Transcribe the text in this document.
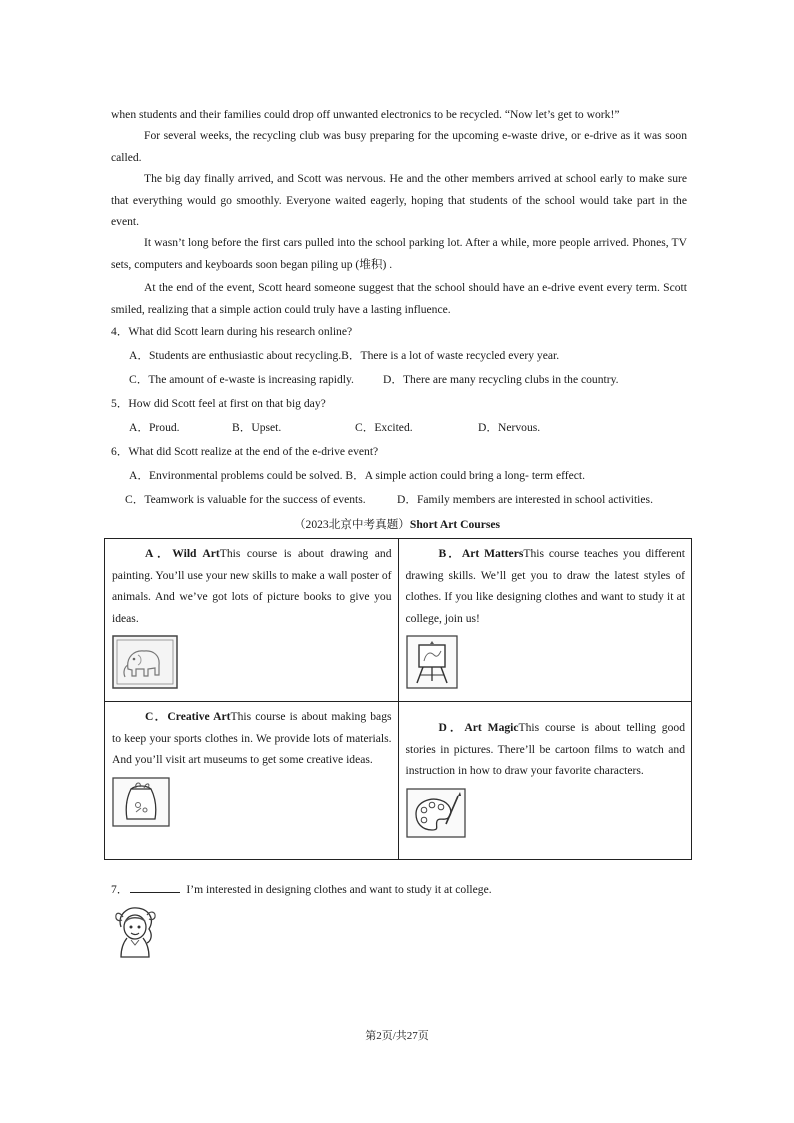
when students and their families could drop off unwanted electronics to be recycled. “Now let’s get to work!”

For several weeks, the recycling club was busy preparing for the upcoming e-waste drive, or e-drive as it was soon called.

The big day finally arrived, and Scott was nervous. He and the other members arrived at school early to make sure that everything would go smoothly. Everyone waited eagerly, hoping that students of the school would take part in the event.

It wasn’t long before the first cars pulled into the school parking lot. After a while, more people arrived. Phones, TV sets, computers and keyboards soon began piling up (堆积) .

At the end of the event, Scott heard someone suggest that the school should have an e-drive event every term. Scott smiled, realizing that a simple action could truly have a lasting influence.

4．What did Scott learn during his research online?

A．Students are enthusiastic about recycling.B．There is a lot of waste recycled every year.

C．The amount of e-waste is increasing rapidly.	D．There are many recycling clubs in the country.

5．How did Scott feel at first on that big day?

A．Proud.	B．Upset.	C．Excited.	D．Nervous.

6．What did Scott realize at the end of the e-drive event?

A．Environmental problems could be solved. B．A simple action could bring a long- term effect.

C．Teamwork is valuable for the success of events.	D．Family members are interested in school activities.

（2023北京中考真题）Short Art Courses

A．Wild ArtThis course is about drawing and painting. You’ll use your new skills to make a wall poster of animals. And we’ve got lots of picture books to give you ideas.	B．Art MattersThis course teaches you different drawing skills. We’ll get you to draw the latest styles of clothes. If you like designing clothes and want to study it at college, join us!

C．Creative ArtThis course is about making bags to keep your sports clothes in. We provide lots of materials. And you’ll visit art museums to get some creative ideas.	D．Art MagicThis course is about telling good stories in pictures. There’ll be cartoon films to watch and instruction in how to draw your favorite characters.

7．	I’m interested in designing clothes and want to study it at college.

第2页/共27页
